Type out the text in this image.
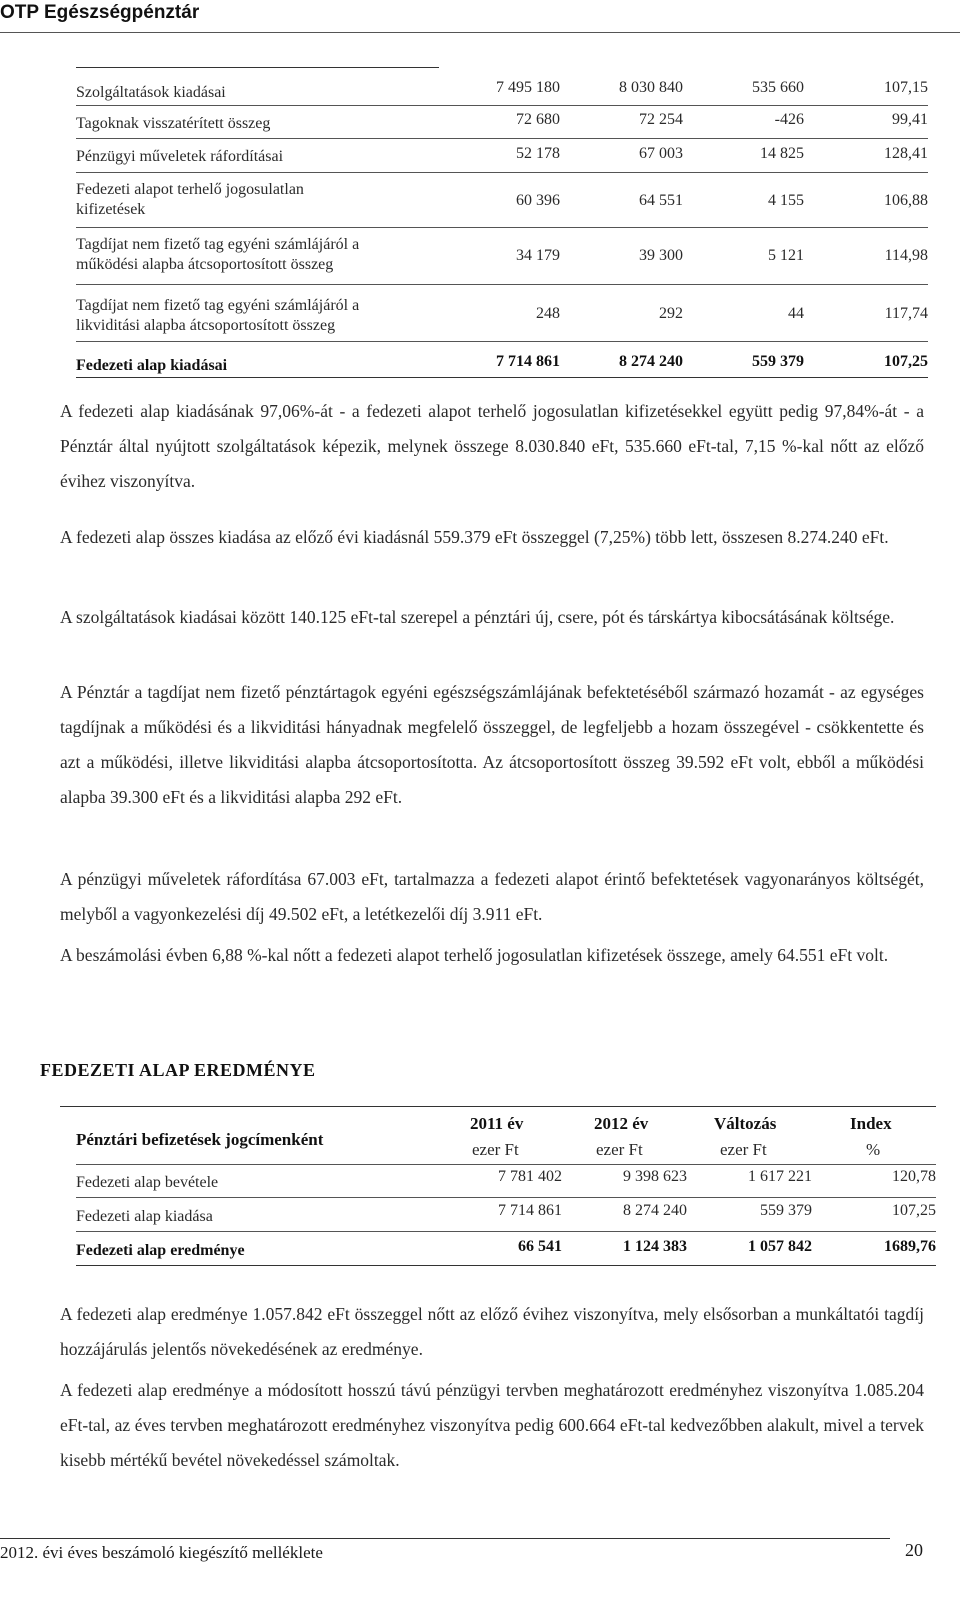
OTP Egészségpénztár
Szolgáltatások kiadásai	7 495 180	8 030 840	535 660	107,15
Tagoknak visszatérített összeg	72 680	72 254	-426	99,41
Pénzügyi műveletek ráfordításai	52 178	67 003	14 825	128,41
Fedezeti alapot terhelő jogosulatlan
kifizetések
60 396	64 551	4 155	106,88
Tagdíjat nem fizető tag egyéni számlájáról a
működési alapba átcsoportosított összeg
34 179	39 300	5 121	114,98
Tagdíjat nem fizető tag egyéni számlájáról a
likviditási alapba átcsoportosított összeg
248	292	44	117,74
Fedezeti alap kiadásai	7 714 861	8 274 240	559 379	107,25

A fedezeti alap kiadásának 97,06%-át - a fedezeti alapot terhelő jogosulatlan kifizetésekkel együtt pedig 97,84%-át - a Pénztár által nyújtott szolgáltatások képezik, melynek összege 8.030.840 eFt, 535.660 eFt-tal, 7,15 %-kal nőtt az előző évihez viszonyítva.

A fedezeti alap összes kiadása az előző évi kiadásnál 559.379 eFt összeggel (7,25%) több lett, összesen 8.274.240 eFt.

A szolgáltatások kiadásai között 140.125 eFt-tal szerepel a pénztári új, csere, pót és társkártya kibocsátásának költsége.

A Pénztár a tagdíjat nem fizető pénztártagok egyéni egészségszámlájának befektetéséből származó hozamát - az egységes tagdíjnak a működési és a likviditási hányadnak megfelelő összeggel, de legfeljebb a hozam összegével - csökkentette és azt a működési, illetve likviditási alapba átcsoportosította. Az átcsoportosított összeg 39.592 eFt volt, ebből a működési alapba 39.300 eFt és a likviditási alapba 292 eFt.

A pénzügyi műveletek ráfordítása 67.003 eFt, tartalmazza a fedezeti alapot érintő befektetések vagyonarányos költségét, melyből a vagyonkezelési díj 49.502 eFt, a letétkezelői díj 3.911 eFt.

A beszámolási évben 6,88 %-kal nőtt a fedezeti alapot terhelő jogosulatlan kifizetések összege, amely 64.551 eFt volt.

FEDEZETI ALAP EREDMÉNYE
Pénztári befizetések jogcímenként
2011 év	2012 év	Változás	Index
ezer Ft	ezer Ft	ezer Ft	%
Fedezeti alap bevétele	7 781 402	9 398 623	1 617 221	120,78
Fedezeti alap kiadása	7 714 861	8 274 240	559 379	107,25
Fedezeti alap eredménye	66 541	1 124 383	1 057 842	1689,76

A fedezeti alap eredménye 1.057.842 eFt összeggel nőtt az előző évihez viszonyítva, mely elsősorban a munkáltatói tagdíj hozzájárulás jelentős növekedésének az eredménye.

A fedezeti alap eredménye a módosított hosszú távú pénzügyi tervben meghatározott eredményhez viszonyítva 1.085.204 eFt-tal, az éves tervben meghatározott eredményhez viszonyítva pedig 600.664 eFt-tal kedvezőbben alakult, mivel a tervek kisebb mértékű bevétel növekedéssel számoltak.

2012. évi éves beszámoló kiegészítő melléklete	20
